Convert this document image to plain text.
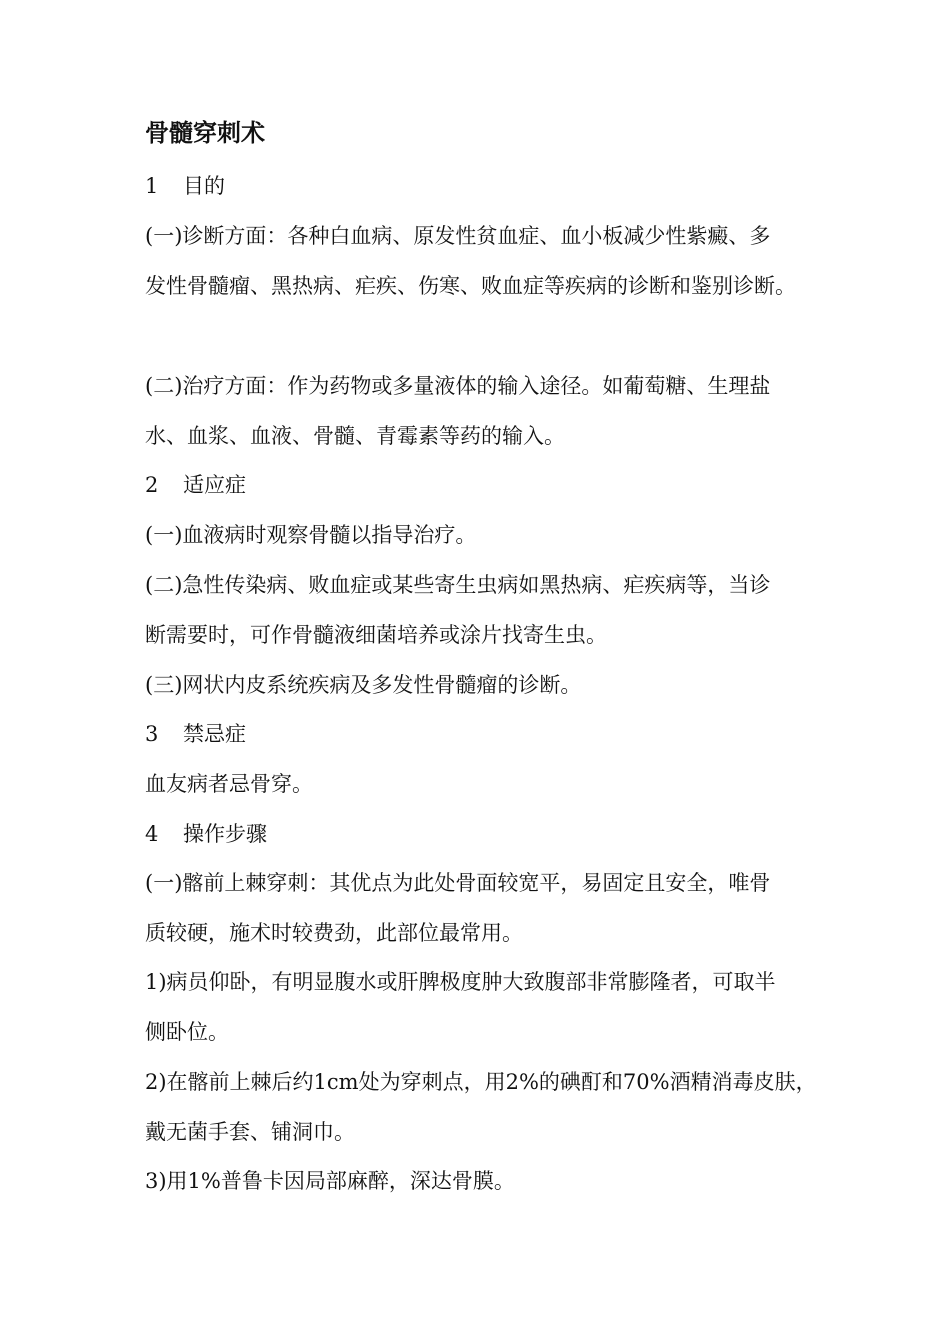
骨髓穿刺术
1 目的

(一)诊断方面：各种白血病、原发性贫血症、血小板减少性紫癜、多

发性骨髓瘤、黑热病、疟疾、伤寒、败血症等疾病的诊断和鉴别诊断。

(二)治疗方面：作为药物或多量液体的输入途径。如葡萄糖、生理盐

水、血浆、血液、骨髓、青霉素等药的输入。

2 适应症

(一)血液病时观察骨髓以指导治疗。

(二)急性传染病、败血症或某些寄生虫病如黑热病、疟疾病等，当诊

断需要时，可作骨髓液细菌培养或涂片找寄生虫。

(三)网状内皮系统疾病及多发性骨髓瘤的诊断。

3 禁忌症

血友病者忌骨穿。

4 操作步骤

(一)髂前上棘穿刺：其优点为此处骨面较宽平，易固定且安全，唯骨

质较硬，施术时较费劲，此部位最常用。

1)病员仰卧，有明显腹水或肝脾极度肿大致腹部非常膨隆者，可取半

侧卧位。

2)在髂前上棘后约1cm处为穿刺点，用2%的碘酊和70%酒精消毒皮肤，

戴无菌手套、铺洞巾。

3)用1%普鲁卡因局部麻醉，深达骨膜。
